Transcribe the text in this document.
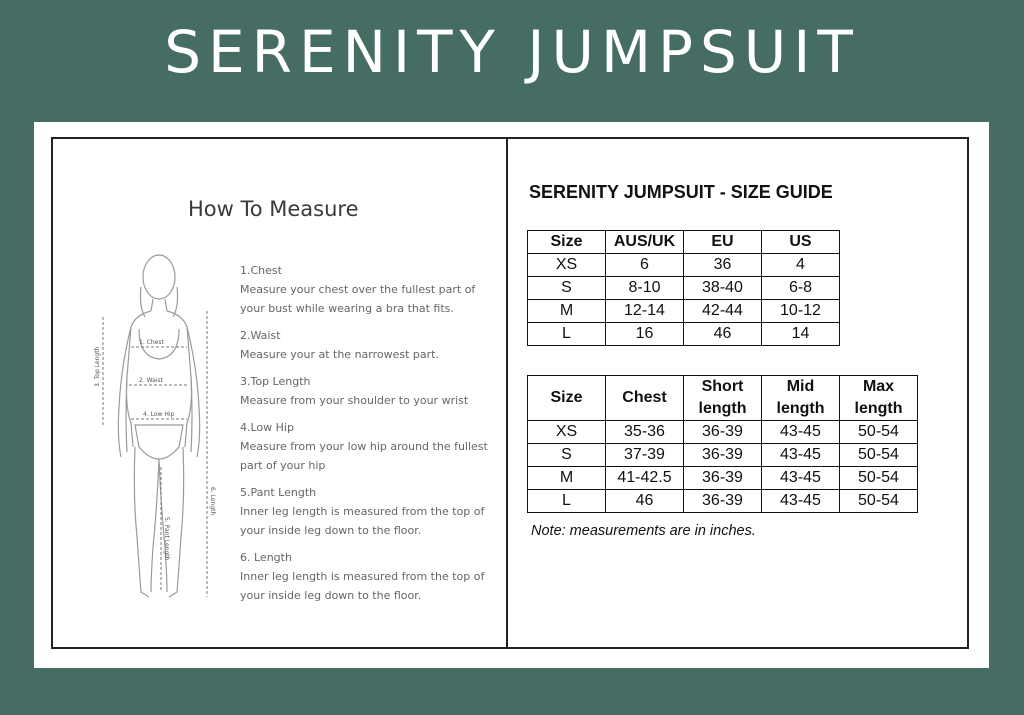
SERENITY JUMPSUIT
How To Measure
1. Chest
2. Waist
4. Low Hip
3. Top Length
5. Pant Length
6. Length
1.Chest
Measure your chest over the fullest part of your bust while wearing a bra that fits.
2.Waist
Measure your at the narrowest part.
3.Top Length
Measure from your shoulder to your wrist
4.Low Hip
Measure from your low hip around the fullest part of your hip
5.Pant Length
Inner leg length is measured from the top of your inside leg down to the floor.
6. Length
Inner leg length is measured from the top of your inside leg down to the floor.
SERENITY JUMPSUIT - SIZE GUIDE
Size	AUS/UK	EU	US
XS	6	36	4
S	8-10	38-40	6-8
M	12-14	42-44	10-12
L	16	46	14
Size	Chest	Short length	Mid length	Max length
XS	35-36	36-39	43-45	50-54
S	37-39	36-39	43-45	50-54
M	41-42.5	36-39	43-45	50-54
L	46	36-39	43-45	50-54
Note: measurements are in inches.
